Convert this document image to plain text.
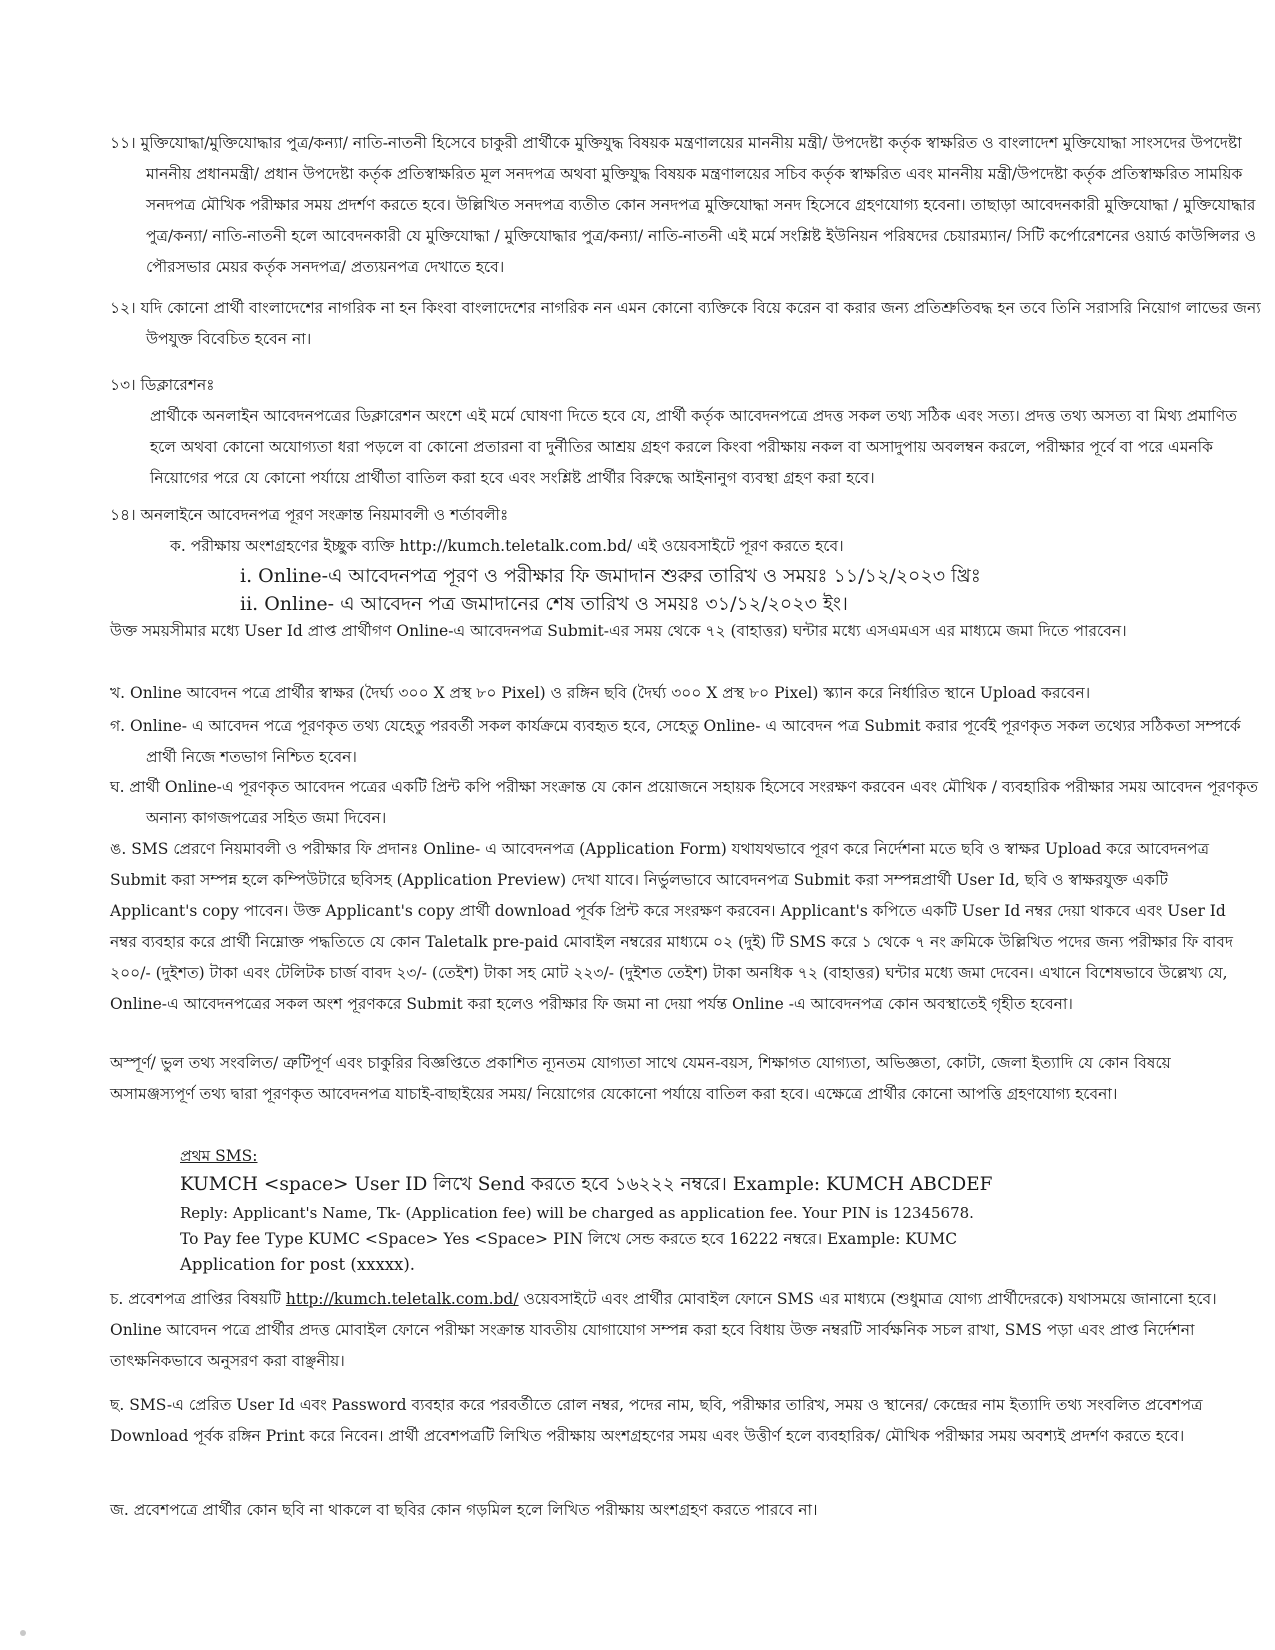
১১। মুক্তিযোদ্ধা/মুক্তিযোদ্ধার পুত্র/কন্যা/ নাতি-নাতনী হিসেবে চাকুরী প্রার্থীকে মুক্তিযুদ্ধ বিষয়ক মন্ত্রণালয়ের মাননীয় মন্ত্রী/ উপদেষ্টা কর্তৃক স্বাক্ষরিত ও বাংলাদেশ মুক্তিযোদ্ধা সাংসদের উপদেষ্টা মাননীয় প্রধানমন্ত্রী/ প্রধান উপদেষ্টা কর্তৃক প্রতিস্বাক্ষরিত মূল সনদপত্র অথবা মুক্তিযুদ্ধ বিষয়ক মন্ত্রণালয়ের সচিব কর্তৃক স্বাক্ষরিত এবং মাননীয় মন্ত্রী/উপদেষ্টা কর্তৃক প্রতিস্বাক্ষরিত সাময়িক সনদপত্র মৌখিক পরীক্ষার সময় প্রদর্শণ করতে হবে। উল্লিখিত সনদপত্র ব্যতীত কোন সনদপত্র মুক্তিযোদ্ধা সনদ হিসেবে গ্রহণযোগ্য হবেনা। তাছাড়া আবেদনকারী মুক্তিযোদ্ধা / মুক্তিযোদ্ধার পুত্র/কন্যা/ নাতি-নাতনী হলে আবেদনকারী যে মুক্তিযোদ্ধা / মুক্তিযোদ্ধার পুত্র/কন্যা/ নাতি-নাতনী এই মর্মে সংশ্লিষ্ট ইউনিয়ন পরিষদের চেয়ারম্যান/ সিটি কর্পোরেশনের ওয়ার্ড কাউন্সিলর ও পৌরসভার মেয়র কর্তৃক সনদপত্র/ প্রত্যয়নপত্র দেখাতে হবে।
১২। যদি কোনো প্রার্থী বাংলাদেশের নাগরিক না হন কিংবা বাংলাদেশের নাগরিক নন এমন কোনো ব্যক্তিকে বিয়ে করেন বা করার জন্য প্রতিশ্রুতিবদ্ধ হন তবে তিনি সরাসরি নিয়োগ লাভের জন্য উপযুক্ত বিবেচিত হবেন না।
১৩। ডিক্লারেশনঃ
প্রার্থীকে অনলাইন আবেদনপত্রের ডিক্লারেশন অংশে এই মর্মে ঘোষণা দিতে হবে যে, প্রার্থী কর্তৃক আবেদনপত্রে প্রদত্ত সকল তথ্য সঠিক এবং সত্য। প্রদত্ত তথ্য অসত্য বা মিথ্য প্রমাণিত হলে অথবা কোনো অযোগ্যতা ধরা পড়লে বা কোনো প্রতারনা বা দুর্নীতির আশ্রয় গ্রহণ করলে কিংবা পরীক্ষায় নকল বা অসাদুপায় অবলম্বন করলে, পরীক্ষার পূর্বে বা পরে এমনকি নিয়োগের পরে যে কোনো পর্যায়ে প্রার্থীতা বাতিল করা হবে এবং সংশ্লিষ্ট প্রার্থীর বিরুদ্ধে আইনানুগ ব্যবস্থা গ্রহণ করা হবে।
১৪। অনলাইনে আবেদনপত্র পূরণ সংক্রান্ত নিয়মাবলী ও শর্তাবলীঃ
ক. পরীক্ষায় অংশগ্রহণের ইচ্ছুক ব্যক্তি http://kumch.teletalk.com.bd/ এই ওয়েবসাইটে পূরণ করতে হবে।
i. Online-এ আবেদনপত্র পূরণ ও পরীক্ষার ফি জমাদান শুরুর তারিখ ও সময়ঃ ১১/১২/২০২৩ খ্রিঃ
ii. Online- এ আবেদন পত্র জমাদানের শেষ তারিখ ও সময়ঃ ৩১/১২/২০২৩ ইং।
উক্ত সময়সীমার মধ্যে User Id প্রাপ্ত প্রার্থীগণ Online-এ আবেদনপত্র Submit-এর সময় থেকে ৭২ (বাহাত্তর) ঘন্টার মধ্যে এসএমএস এর মাধ্যমে জমা দিতে পারবেন।
খ. Online আবেদন পত্রে প্রার্থীর স্বাক্ষর (দৈর্ঘ্য ৩০০ X প্রস্থ ৮০ Pixel) ও রঙ্গিন ছবি (দৈর্ঘ্য ৩০০ X প্রস্থ ৮০ Pixel) স্ক্যান করে নির্ধারিত স্থানে Upload করবেন।
গ. Online- এ আবেদন পত্রে পূরণকৃত তথ্য যেহেতু পরবর্তী সকল কার্যক্রমে ব্যবহৃত হবে, সেহেতু Online- এ আবেদন পত্র Submit করার পূর্বেই পূরণকৃত সকল তথ্যের সঠিকতা সম্পর্কে প্রার্থী নিজে শতভাগ নিশ্চিত হবেন।
ঘ. প্রার্থী Online-এ পূরণকৃত আবেদন পত্রের একটি প্রিন্ট কপি পরীক্ষা সংক্রান্ত যে কোন প্রয়োজনে সহায়ক হিসেবে সংরক্ষণ করবেন এবং মৌখিক / ব্যবহারিক পরীক্ষার সময় আবেদন পূরণকৃত অনান্য কাগজপত্রের সহিত জমা দিবেন।
ঙ. SMS প্রেরণে নিয়মাবলী ও পরীক্ষার ফি প্রদানঃ Online- এ আবেদনপত্র (Application Form) যথাযথভাবে পূরণ করে নির্দেশনা মতে ছবি ও স্বাক্ষর Upload করে আবেদনপত্র Submit করা সম্পন্ন হলে কম্পিউটারে ছবিসহ (Application Preview) দেখা যাবে। নির্ভুলভাবে আবেদনপত্র Submit করা সম্পন্নপ্রার্থী User Id, ছবি ও স্বাক্ষরযুক্ত একটি Applicant's copy পাবেন। উক্ত Applicant's copy প্রার্থী download পূর্বক প্রিন্ট করে সংরক্ষণ করবেন। Applicant's কপিতে একটি User Id নম্বর দেয়া থাকবে এবং User Id নম্বর ব্যবহার করে প্রার্থী নিম্নোক্ত পদ্ধতিতে যে কোন Taletalk pre-paid মোবাইল নম্বরের মাধ্যমে ০২ (দুই) টি SMS করে ১ থেকে ৭ নং ক্রমিকে উল্লিখিত পদের জন্য পরীক্ষার ফি বাবদ ২০০/- (দুইশত) টাকা এবং টেলিটক চার্জ বাবদ ২৩/- (তেইশ) টাকা সহ মোট ২২৩/- (দুইশত তেইশ) টাকা অনধিক ৭২ (বাহাত্তর) ঘন্টার মধ্যে জমা দেবেন। এখানে বিশেষভাবে উল্লেখ্য যে, Online-এ আবেদনপত্রের সকল অংশ পূরণকরে Submit করা হলেও পরীক্ষার ফি জমা না দেয়া পর্যন্ত Online -এ আবেদনপত্র কোন অবস্থাতেই গৃহীত হবেনা।
অস্পূর্ণ/ ভুল তথ্য সংবলিত/ ত্রুটিপূর্ণ এবং চাকুরির বিজ্ঞপ্তিতে প্রকাশিত ন্যূনতম যোগ্যতা সাথে যেমন-বয়স, শিক্ষাগত যোগ্যতা, অভিজ্ঞতা, কোটা, জেলা ইত্যাদি যে কোন বিষয়ে অসামঞ্জস্যপূর্ণ তথ্য দ্বারা পূরণকৃত আবেদনপত্র যাচাই-বাছাইয়ের সময়/ নিয়োগের যেকোনো পর্যায়ে বাতিল করা হবে। এক্ষেত্রে প্রার্থীর কোনো আপত্তি গ্রহণযোগ্য হবেনা।
প্রথম SMS:
KUMCH <space> User ID লিখে Send করতে হবে ১৬২২২ নম্বরে। Example: KUMCH ABCDEF
Reply: Applicant's Name, Tk- (Application fee) will be charged as application fee. Your PIN is 12345678.
To Pay fee Type KUMC <Space> Yes <Space> PIN লিখে সেন্ড করতে হবে 16222 নম্বরে। Example: KUMC
Application for post (xxxxx).
চ. প্রবেশপত্র প্রাপ্তির বিষয়টি http://kumch.teletalk.com.bd/ ওয়েবসাইটে এবং প্রার্থীর মোবাইল ফোনে SMS এর মাধ্যমে (শুধুমাত্র যোগ্য প্রার্থীদেরকে) যথাসময়ে জানানো হবে। Online আবেদন পত্রে প্রার্থীর প্রদত্ত মোবাইল ফোনে পরীক্ষা সংক্রান্ত যাবতীয় যোগাযোগ সম্পন্ন করা হবে বিধায় উক্ত নম্বরটি সার্বক্ষনিক সচল রাখা, SMS পড়া এবং প্রাপ্ত নির্দেশনা তাৎক্ষনিকভাবে অনুসরণ করা বাঞ্ছনীয়।
ছ. SMS-এ প্রেরিত User Id এবং Password ব্যবহার করে পরবর্তীতে রোল নম্বর, পদের নাম, ছবি, পরীক্ষার তারিখ, সময় ও স্থানের/ কেন্দ্রের নাম ইত্যাদি তথ্য সংবলিত প্রবেশপত্র Download পূর্বক রঙ্গিন Print করে নিবেন। প্রার্থী প্রবেশপত্রটি লিখিত পরীক্ষায় অংশগ্রহণের সময় এবং উত্তীর্ণ হলে ব্যবহারিক/ মৌখিক পরীক্ষার সময় অবশ্যই প্রদর্শণ করতে হবে।
জ. প্রবেশপত্রে প্রার্থীর কোন ছবি না থাকলে বা ছবির কোন গড়মিল হলে লিখিত পরীক্ষায় অংশগ্রহণ করতে পারবে না।
